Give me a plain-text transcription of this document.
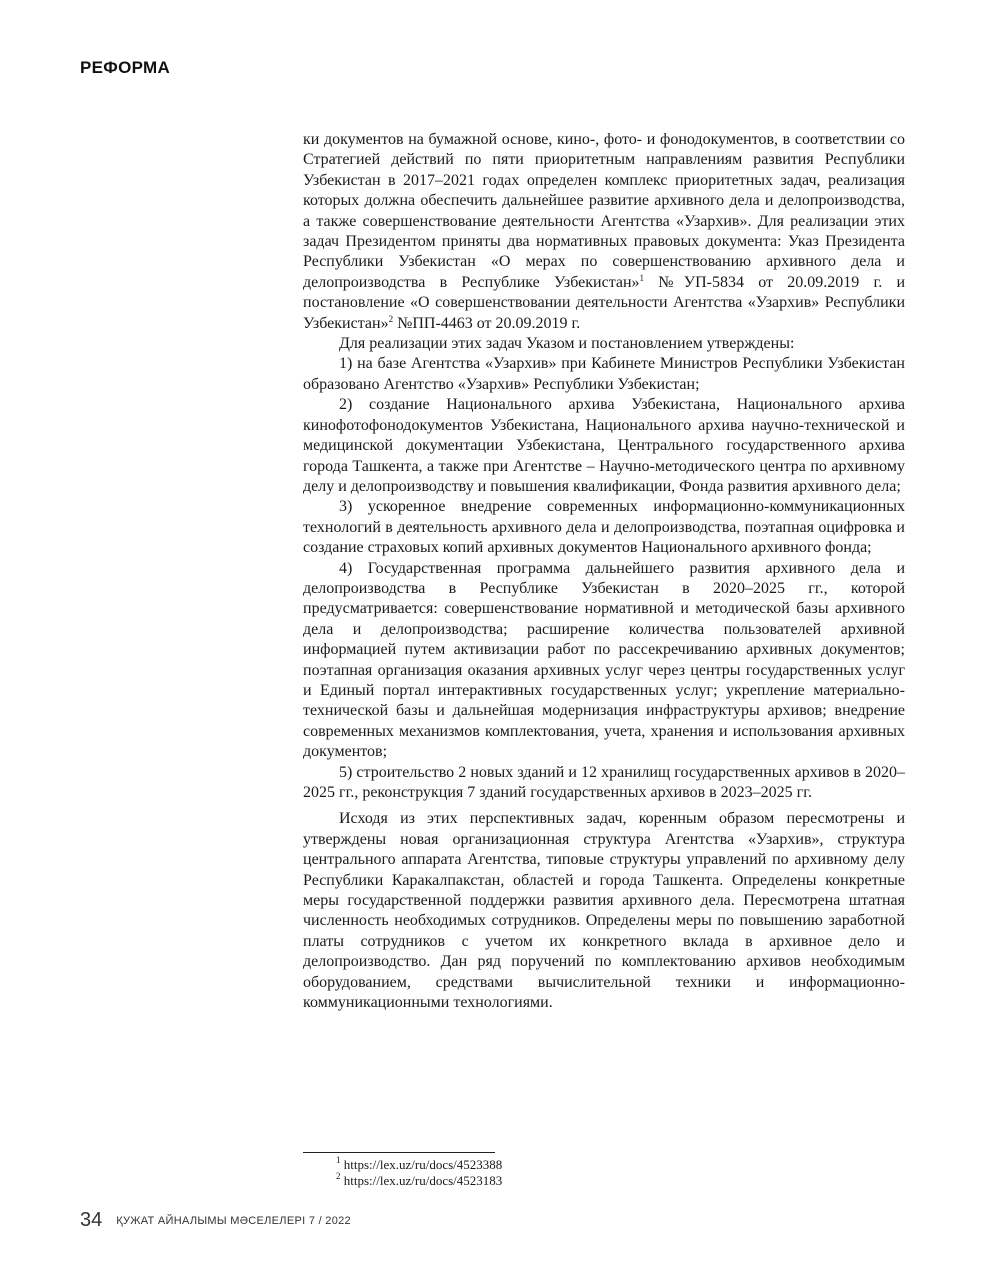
РЕФОРМА

ки документов на бумажной основе, кино-, фото- и фонодокументов, в соответствии со Стратегией действий по пяти приоритетным направлениям развития Республики Узбекистан в 2017–2021 годах определен комплекс приоритетных задач, реализация которых должна обеспечить дальнейшее развитие архивного дела и делопроизводства, а также совершенствование деятельности Агентства «Узархив». Для реализации этих задач Президентом приняты два нормативных правовых документа: Указ Президента Республики Узбекистан «О мерах по совершенствованию архивного дела и делопроизводства в Республике Узбекистан»$^1$ №УП-5834 от 20.09.2019 г. и постановление «О совершенствовании деятельности Агентства «Узархив» Республики Узбекистан»$^2$ №ПП-4463 от 20.09.2019 г.

Для реализации этих задач Указом и постановлением утверждены:

1) на базе Агентства «Узархив» при Кабинете Министров Республики Узбекистан образовано Агентство «Узархив» Республики Узбекистан;

2) создание Национального архива Узбекистана, Национального архива кинофотофонодокументов Узбекистана, Национального архива научно-технической и медицинской документации Узбекистана, Центрального государственного архива города Ташкента, а также при Агентстве – Научно-методического центра по архивному делу и делопроизводству и повышения квалификации, Фонда развития архивного дела;

3) ускоренное внедрение современных информационно-коммуникационных технологий в деятельность архивного дела и делопроизводства, поэтапная оцифровка и создание страховых копий архивных документов Национального архивного фонда;

4) Государственная программа дальнейшего развития архивного дела и делопроизводства в Республике Узбекистан в 2020–2025 гг., которой предусматривается: совершенствование нормативной и методической базы архивного дела и делопроизводства; расширение количества пользователей архивной информацией путем активизации работ по рассекречиванию архивных документов; поэтапная организация оказания архивных услуг через центры государственных услуг и Единый портал интерактивных государственных услуг; укрепление материально-технической базы и дальнейшая модернизация инфраструктуры архивов; внедрение современных механизмов комплектования, учета, хранения и использования архивных документов;

5) строительство 2 новых зданий и 12 хранилищ государственных архивов в 2020–2025 гг., реконструкция 7 зданий государственных архивов в 2023–2025 гг.

Исходя из этих перспективных задач, коренным образом пересмотрены и утверждены новая организационная структура Агентства «Узархив», структура центрального аппарата Агентства, типовые структуры управлений по архивному делу Республики Каракалпакстан, областей и города Ташкента. Определены конкретные меры государственной поддержки развития архивного дела. Пересмотрена штатная численность необходимых сотрудников. Определены меры по повышению заработной платы сотрудников с учетом их конкретного вклада в архивное дело и делопроизводство. Дан ряд поручений по комплектованию архивов необходимым оборудованием, средствами вычислительной техники и информационно-коммуникационными технологиями.

$^1$ https://lex.uz/ru/docs/4523388
$^2$ https://lex.uz/ru/docs/4523183
34 ҚУЖАТ АЙНАЛЫМЫ МӘСЕЛЕЛЕРІ 7 / 2022
